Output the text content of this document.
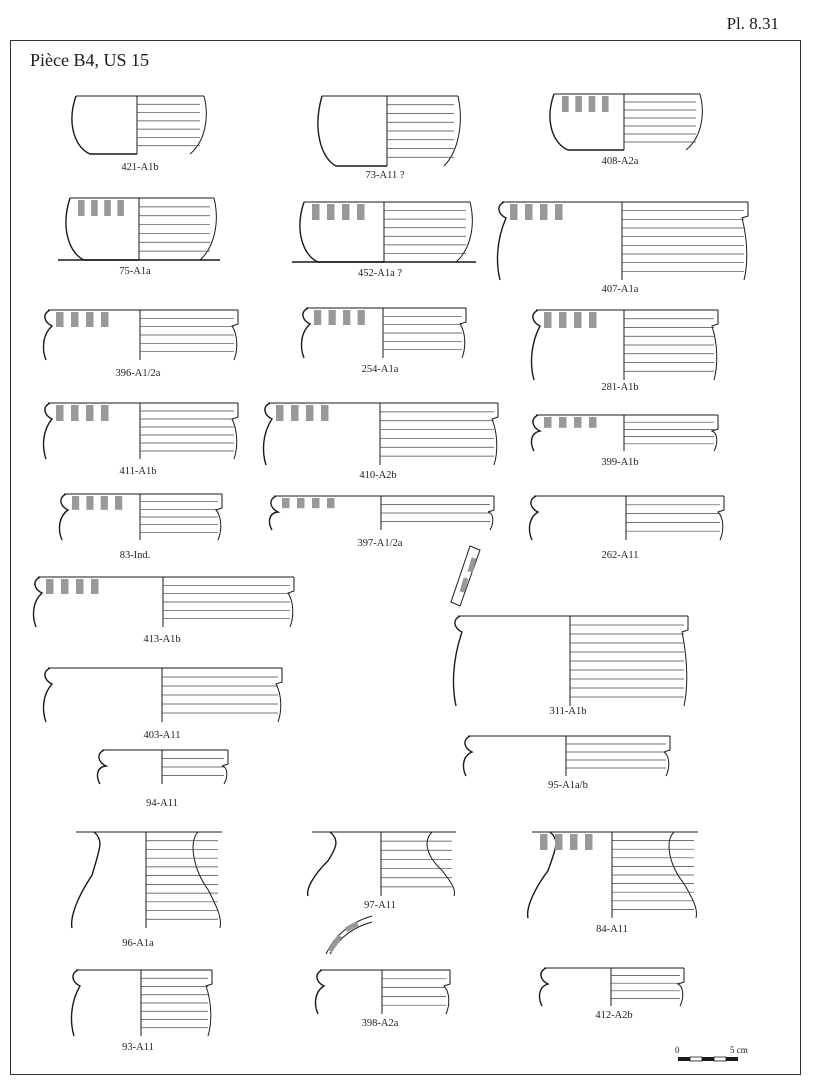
Pl. 8.31
Pièce B4, US 15
0	5 cm
421-A1b
73-A11 ?
408-A2a
75-A1a	452-A1a ?
407-A1a
396-A1/2a	254-A1a
281-A1b
411-A1b	410-A2b
399-A1b
83-Ind.
397-A1/2a
262-A11
413-A1b
311-A1b
403-A11
94-A11
95-A1a/b
96-A1a
97-A11
84-A11
93-A11
398-A2a
412-A2b
